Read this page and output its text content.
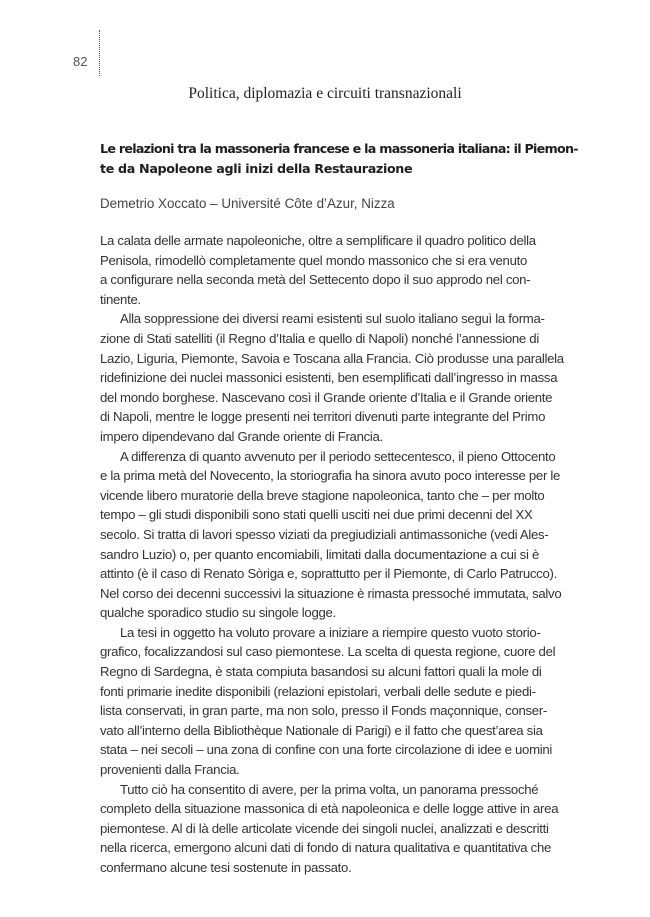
82
Politica, diplomazia e circuiti transnazionali
Le relazioni tra la massoneria francese e la massoneria italiana: il Piemon-
te da Napoleone agli inizi della Restaurazione
Demetrio Xoccato – Université Côte d’Azur, Nizza

La calata delle armate napoleoniche, oltre a semplificare il quadro politico della
Penisola, rimodellò completamente quel mondo massonico che si era venuto
a configurare nella seconda metà del Settecento dopo il suo approdo nel con-
tinente.

Alla soppressione dei diversi reami esistenti sul suolo italiano seguì la forma-
zione di Stati satelliti (il Regno d’Italia e quello di Napoli) nonché l’annessione di
Lazio, Liguria, Piemonte, Savoia e Toscana alla Francia. Ciò produsse una parallela
ridefinizione dei nuclei massonici esistenti, ben esemplificati dall’ingresso in massa
del mondo borghese. Nascevano così il Grande oriente d’Italia e il Grande oriente
di Napoli, mentre le logge presenti nei territori divenuti parte integrante del Primo
impero dipendevano dal Grande oriente di Francia.

A differenza di quanto avvenuto per il periodo settecentesco, il pieno Ottocento
e la prima metà del Novecento, la storiografia ha sinora avuto poco interesse per le
vicende libero muratorie della breve stagione napoleonica, tanto che – per molto
tempo – gli studi disponibili sono stati quelli usciti nei due primi decenni del XX
secolo. Si tratta di lavori spesso viziati da pregiudiziali antimassoniche (vedi Ales-
sandro Luzio) o, per quanto encomiabili, limitati dalla documentazione a cui si è
attinto (è il caso di Renato Sòriga e, soprattutto per il Piemonte, di Carlo Patrucco).
Nel corso dei decenni successivi la situazione è rimasta pressoché immutata, salvo
qualche sporadico studio su singole logge.

La tesi in oggetto ha voluto provare a iniziare a riempire questo vuoto storio-
grafico, focalizzandosi sul caso piemontese. La scelta di questa regione, cuore del
Regno di Sardegna, è stata compiuta basandosi su alcuni fattori quali la mole di
fonti primarie inedite disponibili (relazioni epistolari, verbali delle sedute e piedi-
lista conservati, in gran parte, ma non solo, presso il Fonds maçonnique, conser-
vato all’interno della Bibliothèque Nationale di Parigi) e il fatto che quest’area sia
stata – nei secoli – una zona di confine con una forte circolazione di idee e uomini
provenienti dalla Francia.

Tutto ciò ha consentito di avere, per la prima volta, un panorama pressoché
completo della situazione massonica di età napoleonica e delle logge attive in area
piemontese. Al di là delle articolate vicende dei singoli nuclei, analizzati e descritti
nella ricerca, emergono alcuni dati di fondo di natura qualitativa e quantitativa che
confermano alcune tesi sostenute in passato.
